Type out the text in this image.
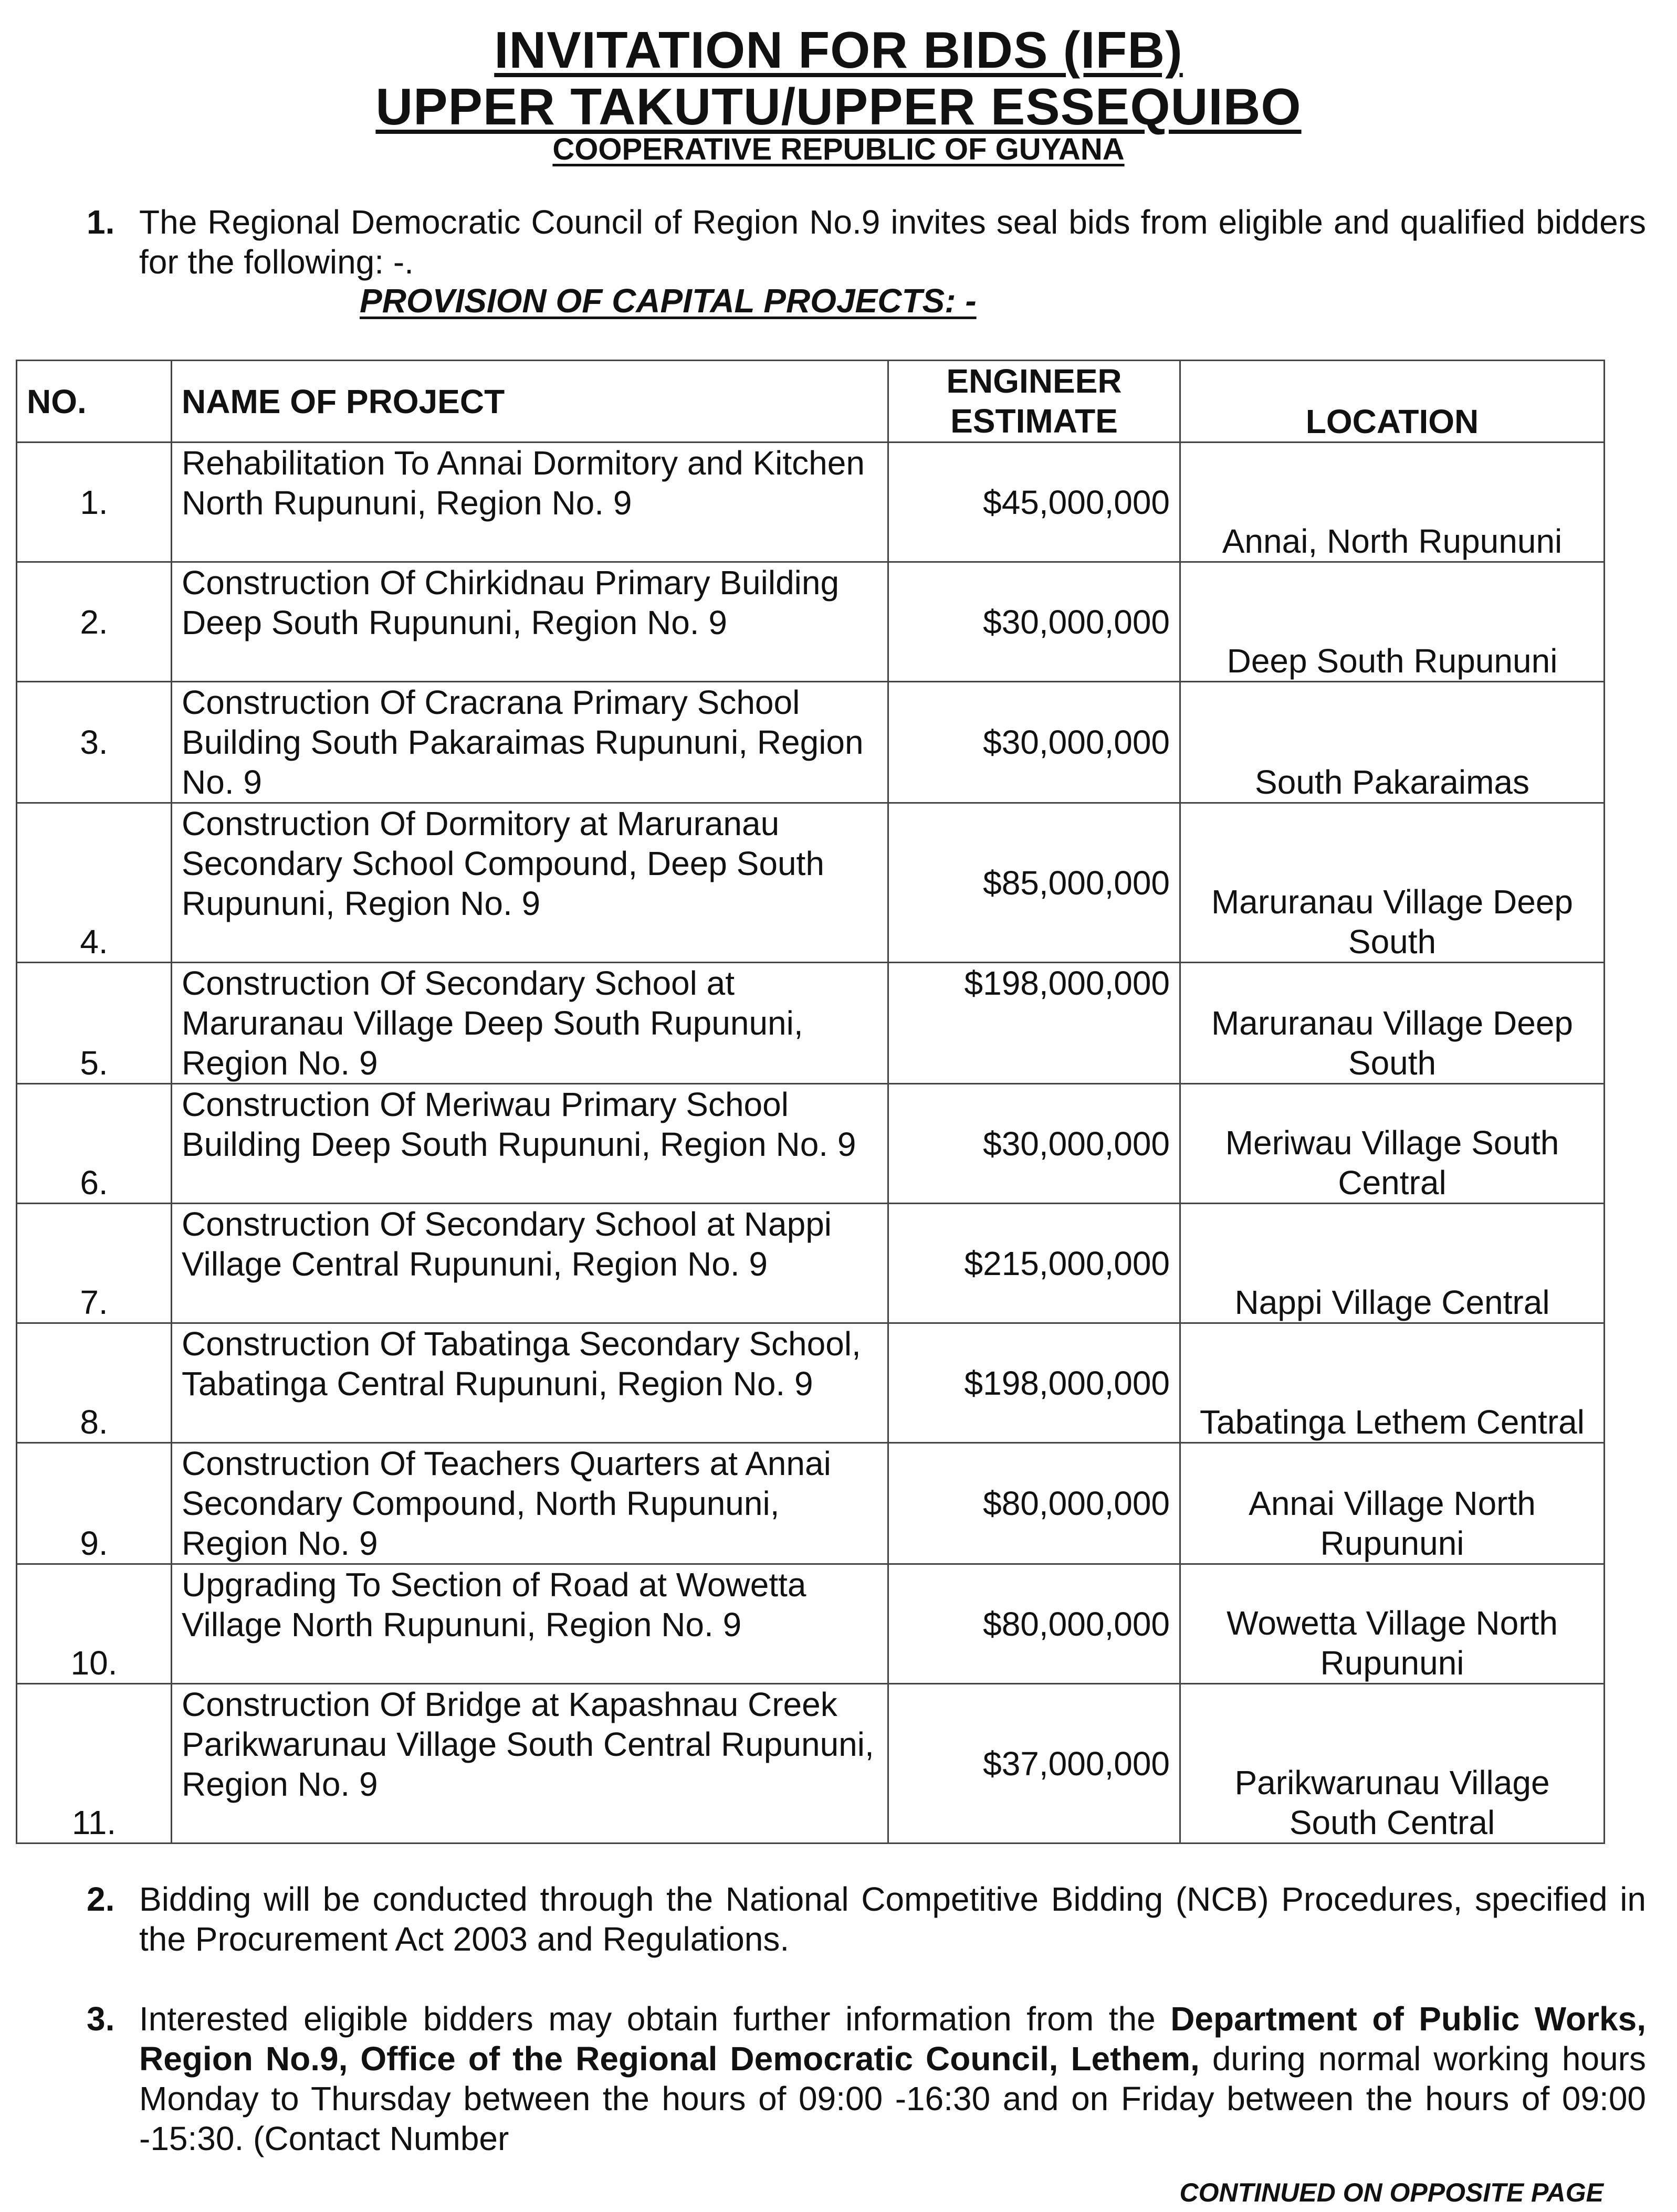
INVITATION FOR BIDS (IFB)
UPPER TAKUTU/UPPER ESSEQUIBO
COOPERATIVE REPUBLIC OF GUYANA
1. The Regional Democratic Council of Region No.9 invites seal bids from eligible and qualified bidders for the following: -.
PROVISION OF CAPITAL PROJECTS: -
NO.	NAME OF PROJECT	ENGINEER ESTIMATE	LOCATION
1.	Rehabilitation To Annai Dormitory and Kitchen North Rupununi, Region No. 9	$45,000,000	Annai, North Rupununi
2.	Construction Of Chirkidnau Primary Building Deep South Rupununi, Region No. 9	$30,000,000	Deep South Rupununi
3.	Construction Of Cracrana Primary School Building South Pakaraimas Rupununi, Region No. 9	$30,000,000	South Pakaraimas
4.	Construction Of Dormitory at Maruranau Secondary School Compound, Deep South Rupununi, Region No. 9	$85,000,000	Maruranau Village Deep South
5.	Construction Of Secondary School at Maruranau Village Deep South Rupununi, Region No. 9	$198,000,000	Maruranau Village Deep South
6.	Construction Of Meriwau Primary School Building Deep South Rupununi, Region No. 9	$30,000,000	Meriwau Village South Central
7.	Construction Of Secondary School at Nappi Village Central Rupununi, Region No. 9	$215,000,000	Nappi Village Central
8.	Construction Of Tabatinga Secondary School, Tabatinga Central Rupununi, Region No. 9	$198,000,000	Tabatinga Lethem Central
9.	Construction Of Teachers Quarters at Annai Secondary Compound, North Rupununi, Region No. 9	$80,000,000	Annai Village North Rupununi
10.	Upgrading To Section of Road at Wowetta Village North Rupununi, Region No. 9	$80,000,000	Wowetta Village North Rupununi
11.	Construction Of Bridge at Kapashnau Creek Parikwarunau Village South Central Rupununi, Region No. 9	$37,000,000	Parikwarunau Village South Central
2. Bidding will be conducted through the National Competitive Bidding (NCB) Procedures, specified in the Procurement Act 2003 and Regulations.
3. Interested eligible bidders may obtain further information from the Department of Public Works, Region No.9, Office of the Regional Democratic Council, Lethem, during normal working hours Monday to Thursday between the hours of 09:00 -16:30 and on Friday between the hours of 09:00 -15:30. (Contact Number
CONTINUED ON OPPOSITE PAGE
